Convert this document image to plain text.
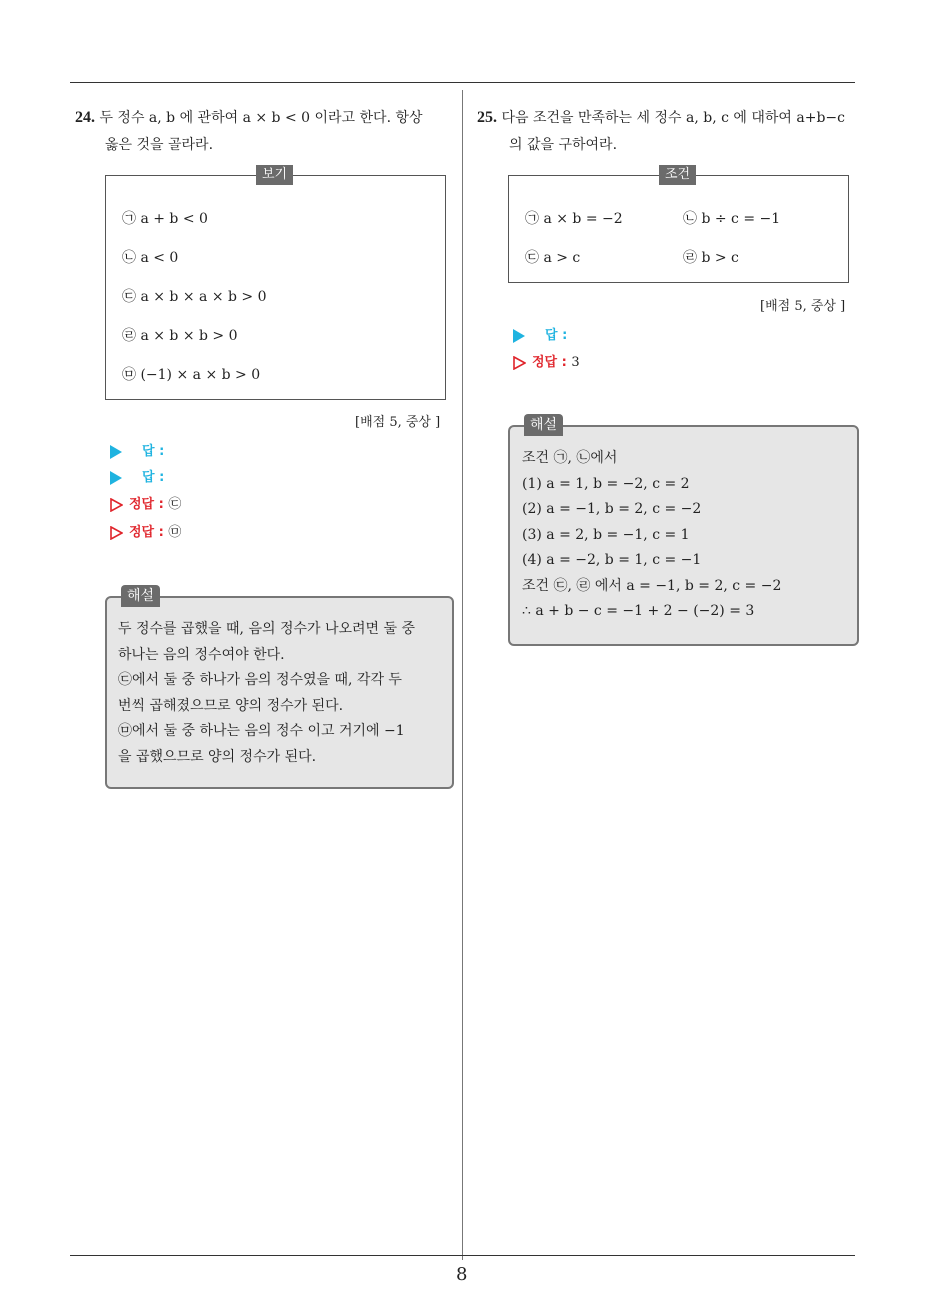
8
24. 두 정수 a, b 에 관하여 a × b < 0 이라고 한다. 항상
옳은 것을 골라라.
보기
㉠ a + b < 0
㉡ a < 0
㉢ a × b × a × b > 0
㉣ a × b × b > 0
㉤ (−1) × a × b > 0
[배점 5, 중상 ]
답 :
답 :
정답 : ㉢
정답 : ㉤
해설
두 정수를 곱했을 때, 음의 정수가 나오려면 둘 중
하나는 음의 정수여야 한다.
㉢에서 둘 중 하나가 음의 정수였을 때, 각각 두
번씩 곱해졌으므로 양의 정수가 된다.
㉤에서 둘 중 하나는 음의 정수 이고 거기에 −1
을 곱했으므로 양의 정수가 된다.
25. 다음 조건을 만족하는 세 정수 a, b, c 에 대하여 a+b−c
의 값을 구하여라.
조건
㉠ a × b = −2	㉡ b ÷ c = −1
㉢ a > c	㉣ b > c
[배점 5, 중상 ]
답 :
정답 : 3
해설
조건 ㉠, ㉡에서
(1) a = 1, b = −2, c = 2
(2) a = −1, b = 2, c = −2
(3) a = 2, b = −1, c = 1
(4) a = −2, b = 1, c = −1
조건 ㉢, ㉣ 에서 a = −1, b = 2, c = −2
∴ a + b − c = −1 + 2 − (−2) = 3
